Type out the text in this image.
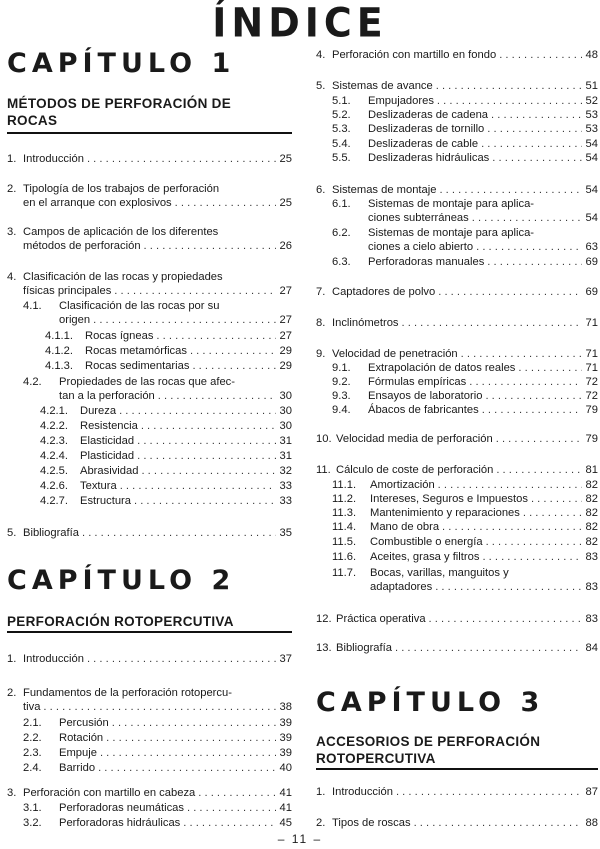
ÍNDICE
CAPÍTULO 1
MÉTODOS DE PERFORACIÓN DE
ROCAS
1. Introducción . . .	25
2. Tipología de los trabajos de perforación
en el arranque con explosivos . . .	25
3. Campos de aplicación de los diferentes
métodos de perforación . . .	26
4. Clasificación de las rocas y propiedades
físicas principales . . .	27
4.1. Clasificación de las rocas por su
origen . . .	27
4.1.1. Rocas ígneas . . .	27
4.1.2. Rocas metamórficas . . .	29
4.1.3. Rocas sedimentarias . . .	29
4.2. Propiedades de las rocas que afec-
tan a la perforación . . .	30
4.2.1. Dureza . . .	30
4.2.2. Resistencia . . .	30
4.2.3. Elasticidad . . .	31
4.2.4. Plasticidad . . .	31
4.2.5. Abrasividad . . .	32
4.2.6. Textura . . .	33
4.2.7. Estructura . . .	33
5. Bibliografía . . .	35
CAPÍTULO 2
PERFORACIÓN ROTOPERCUTIVA
1. Introducción . . .	37
2. Fundamentos de la perforación rotopercu-
tiva . . .	38
2.1. Percusión . . .	39
2.2. Rotación . . .	39
2.3. Empuje . . .	39
2.4. Barrido . . .	40
3. Perforación con martillo en cabeza . . .	41
3.1. Perforadoras neumáticas . . .	41
3.2. Perforadoras hidráulicas . . .	45
4. Perforación con martillo en fondo . . .	48
5. Sistemas de avance . . .	51
5.1. Empujadores . . .	52
5.2. Deslizaderas de cadena . . .	53
5.3. Deslizaderas de tornillo . . .	53
5.4. Deslizaderas de cable . . .	54
5.5. Deslizaderas hidráulicas . . .	54
6. Sistemas de montaje . . .	54
6.1. Sistemas de montaje para aplica-
ciones subterráneas . . .	54
6.2. Sistemas de montaje para aplica-
ciones a cielo abierto . . .	63
6.3. Perforadoras manuales . . .	69
7. Captadores de polvo . . .	69
8. Inclinómetros . . .	71
9. Velocidad de penetración . . .	71
9.1. Extrapolación de datos reales . . .	71
9.2. Fórmulas empíricas . . .	72
9.3. Ensayos de laboratorio . . .	72
9.4. Ábacos de fabricantes . . .	79
10. Velocidad media de perforación . . .	79
11. Cálculo de coste de perforación . . .	81
11.1. Amortización . . .	82
11.2. Intereses, Seguros e Impuestos . . .	82
11.3. Mantenimiento y reparaciones . . .	82
11.4. Mano de obra . . .	82
11.5. Combustible o energía . . .	82
11.6. Aceites, grasa y filtros . . .	83
11.7. Bocas, varillas, manguitos y
adaptadores . . .	83
12. Práctica operativa . . .	83
13. Bibliografía . . .	84
CAPÍTULO 3
ACCESORIOS DE PERFORACIÓN
ROTOPERCUTIVA
1. Introducción . . .	87
2. Tipos de roscas . . .	88
– 11 –
